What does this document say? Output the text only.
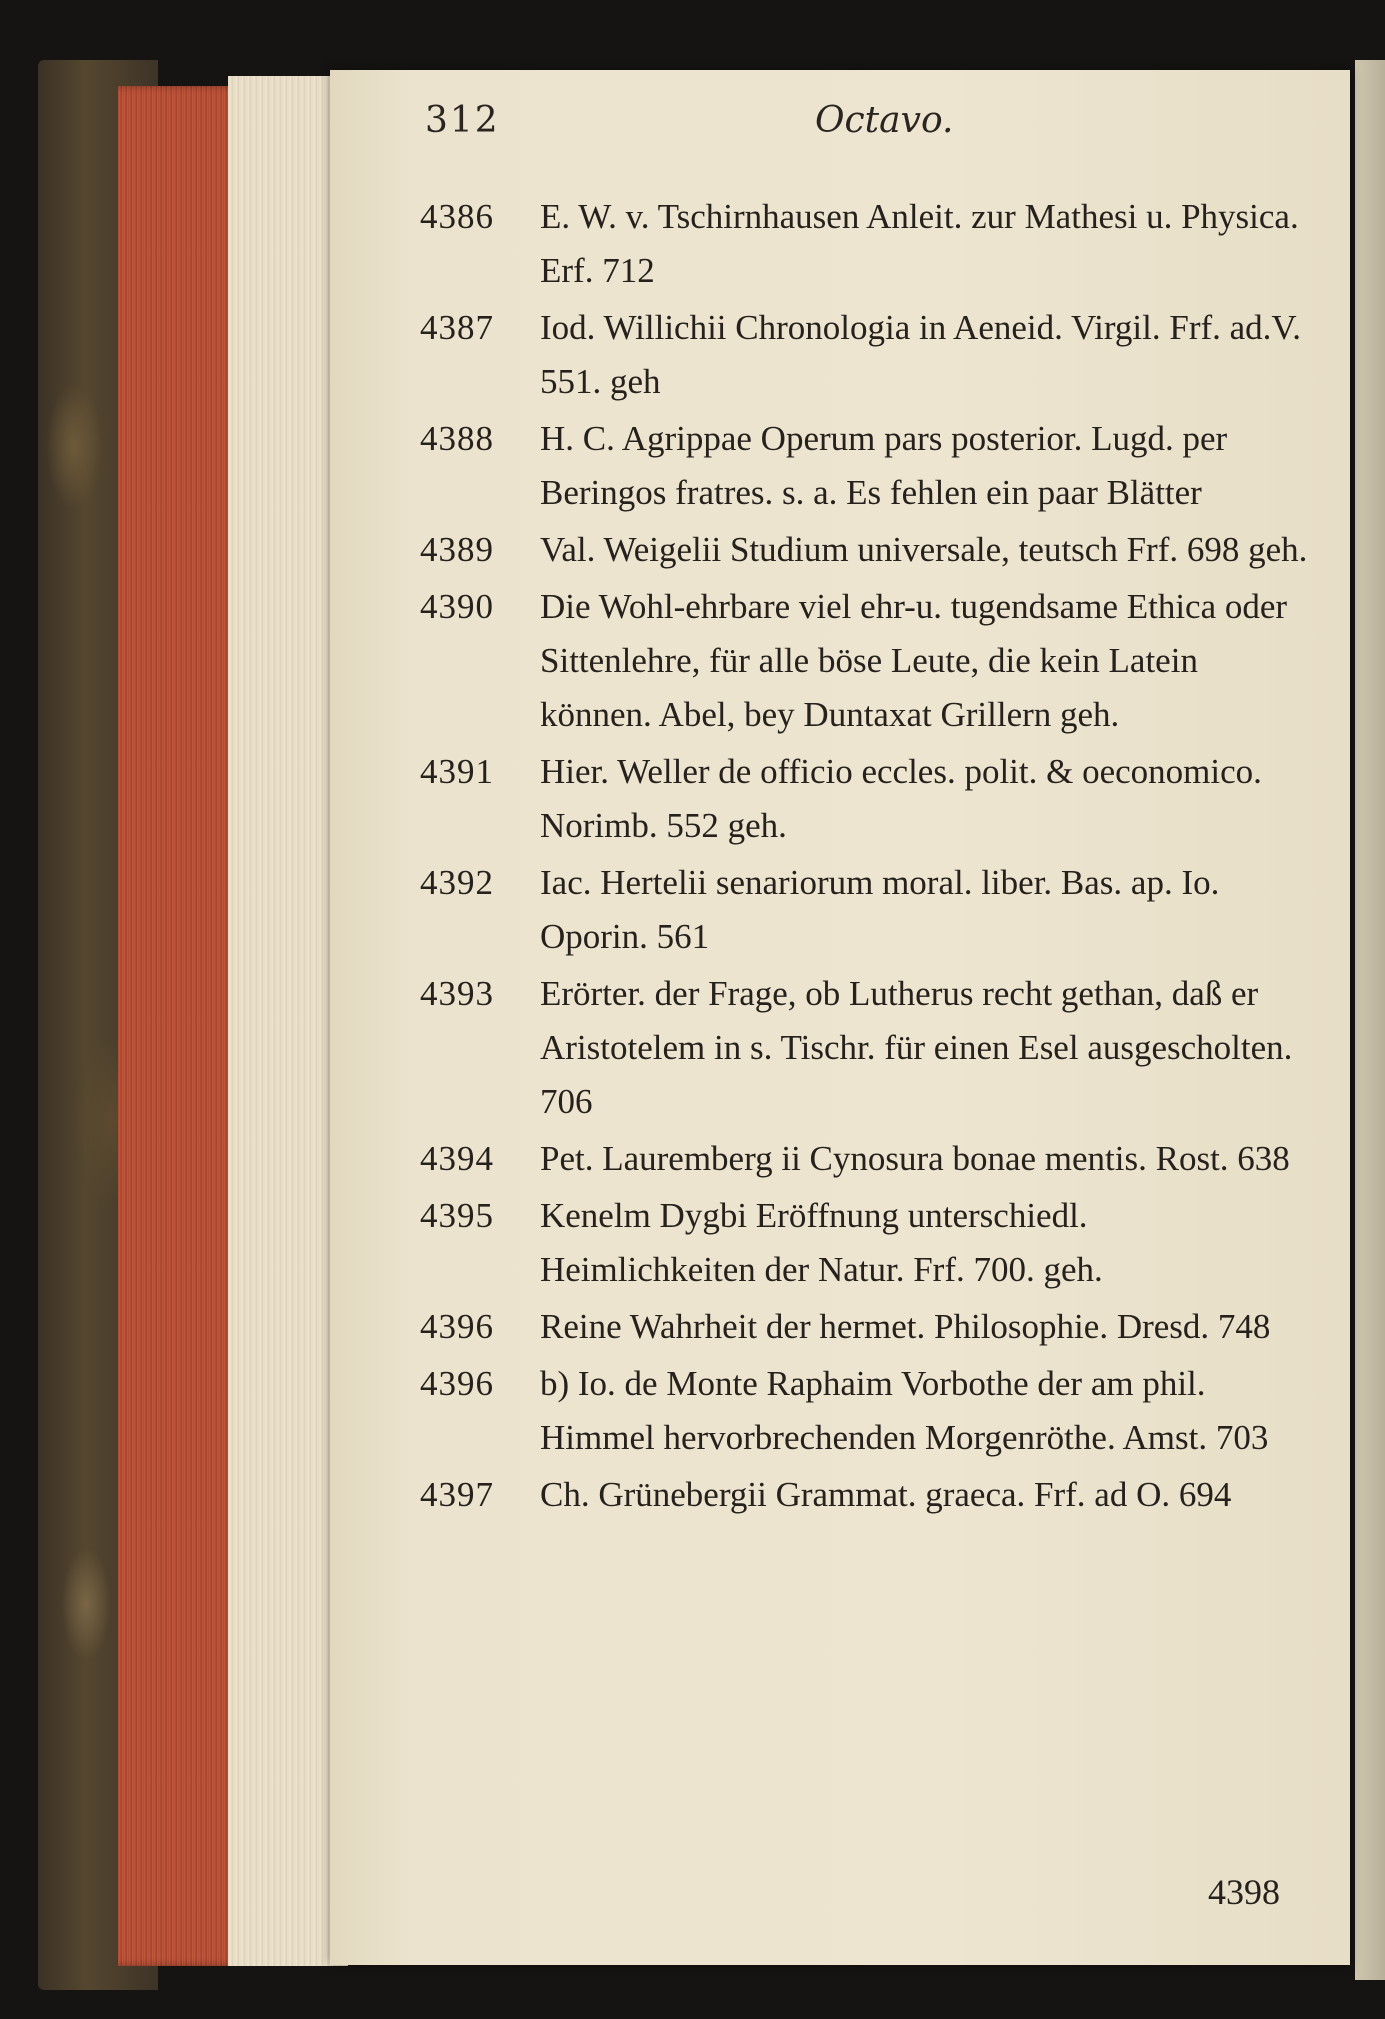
312	Octavo.
4386	E. W. v. Tschirnhausen Anleit. zur Mathesi u. Physica. Erf. 712
4387	Iod. Willichii Chronologia in Aeneid. Virgil. Frf. ad.V. 551. geh
4388	H. C. Agrippae Operum pars posterior. Lugd. per Beringos fratres. s. a. Es fehlen ein paar Blätter
4389	Val. Weigelii Studium universale, teutsch Frf. 698 geh.
4390	Die Wohl-ehrbare viel ehr-u. tugendsame Ethica oder Sittenlehre, für alle böse Leute, die kein Latein können. Abel, bey Duntaxat Grillern geh.
4391	Hier. Weller de officio eccles. polit. & oeconomico. Norimb. 552 geh.
4392	Iac. Hertelii senariorum moral. liber. Bas. ap. Io. Oporin. 561
4393	Erörter. der Frage, ob Lutherus recht gethan, daß er Aristotelem in s. Tischr. für einen Esel ausgescholten. 706
4394	Pet. Lauremberg ii Cynosura bonae mentis. Rost. 638
4395	Kenelm Dygbi Eröffnung unterschiedl. Heimlichkeiten der Natur. Frf. 700. geh.
4396	Reine Wahrheit der hermet. Philosophie. Dresd. 748
4396	b) Io. de Monte Raphaim Vorbothe der am phil. Himmel hervorbrechenden Morgenröthe. Amst. 703
4397	Ch. Grünebergii Grammat. graeca. Frf. ad O. 694
4398
